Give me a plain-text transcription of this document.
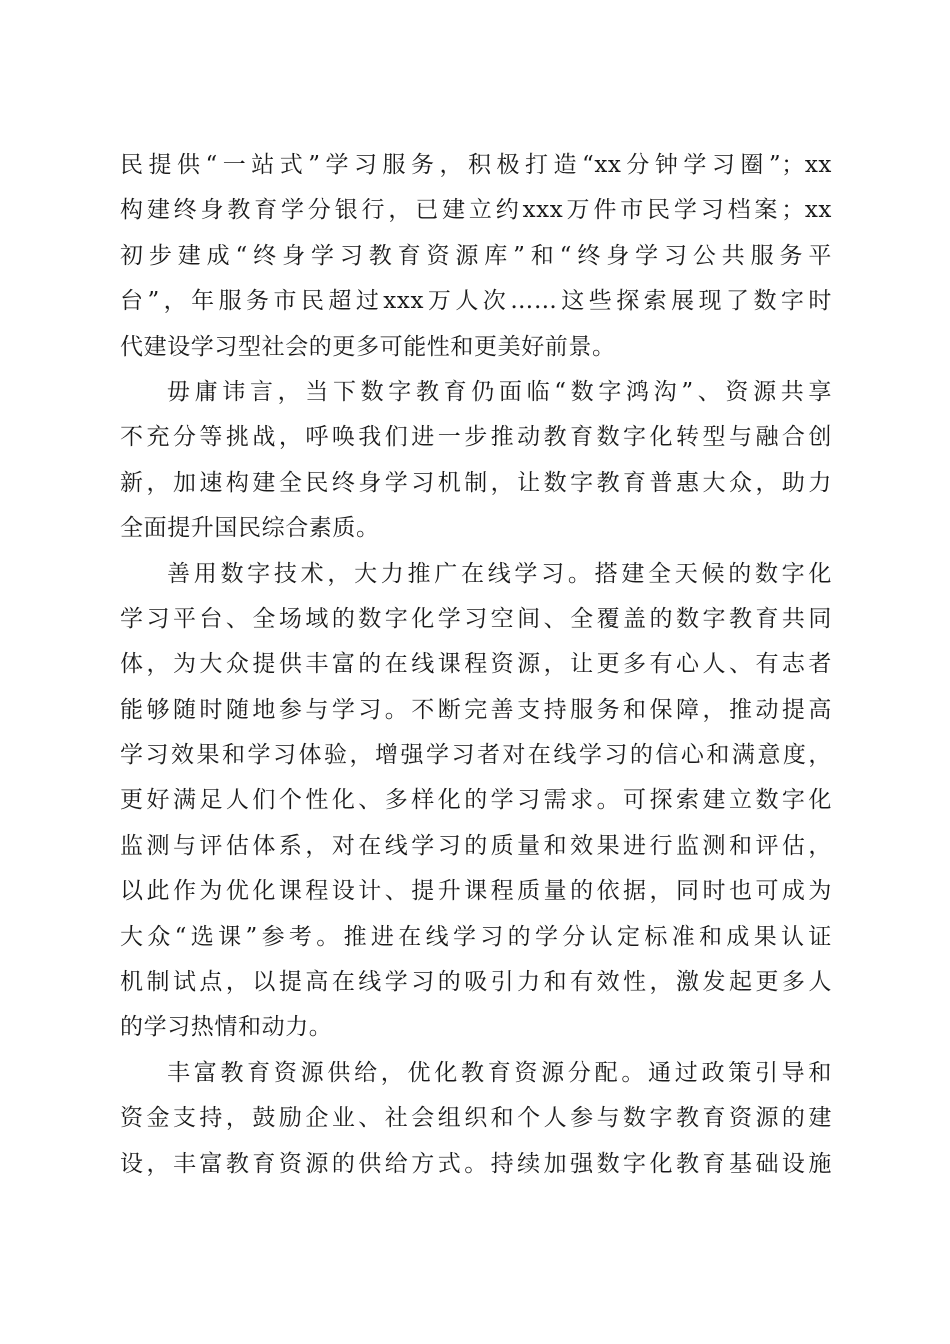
民提供“一站式”学习服务，积极打造“xx分钟学习圈”；xx
构建终身教育学分银行，已建立约xxx万件市民学习档案；xx
初步建成“终身学习教育资源库”和“终身学习公共服务平
台”，年服务市民超过xxx万人次……这些探索展现了数字时
代建设学习型社会的更多可能性和更美好前景。
毋庸讳言，当下数字教育仍面临“数字鸿沟”、资源共享
不充分等挑战，呼唤我们进一步推动教育数字化转型与融合创
新，加速构建全民终身学习机制，让数字教育普惠大众，助力
全面提升国民综合素质。
善用数字技术，大力推广在线学习。搭建全天候的数字化
学习平台、全场域的数字化学习空间、全覆盖的数字教育共同
体，为大众提供丰富的在线课程资源，让更多有心人、有志者
能够随时随地参与学习。不断完善支持服务和保障，推动提高
学习效果和学习体验，增强学习者对在线学习的信心和满意度，
更好满足人们个性化、多样化的学习需求。可探索建立数字化
监测与评估体系，对在线学习的质量和效果进行监测和评估，
以此作为优化课程设计、提升课程质量的依据，同时也可成为
大众“选课”参考。推进在线学习的学分认定标准和成果认证
机制试点，以提高在线学习的吸引力和有效性，激发起更多人
的学习热情和动力。
丰富教育资源供给，优化教育资源分配。通过政策引导和
资金支持，鼓励企业、社会组织和个人参与数字教育资源的建
设，丰富教育资源的供给方式。持续加强数字化教育基础设施
